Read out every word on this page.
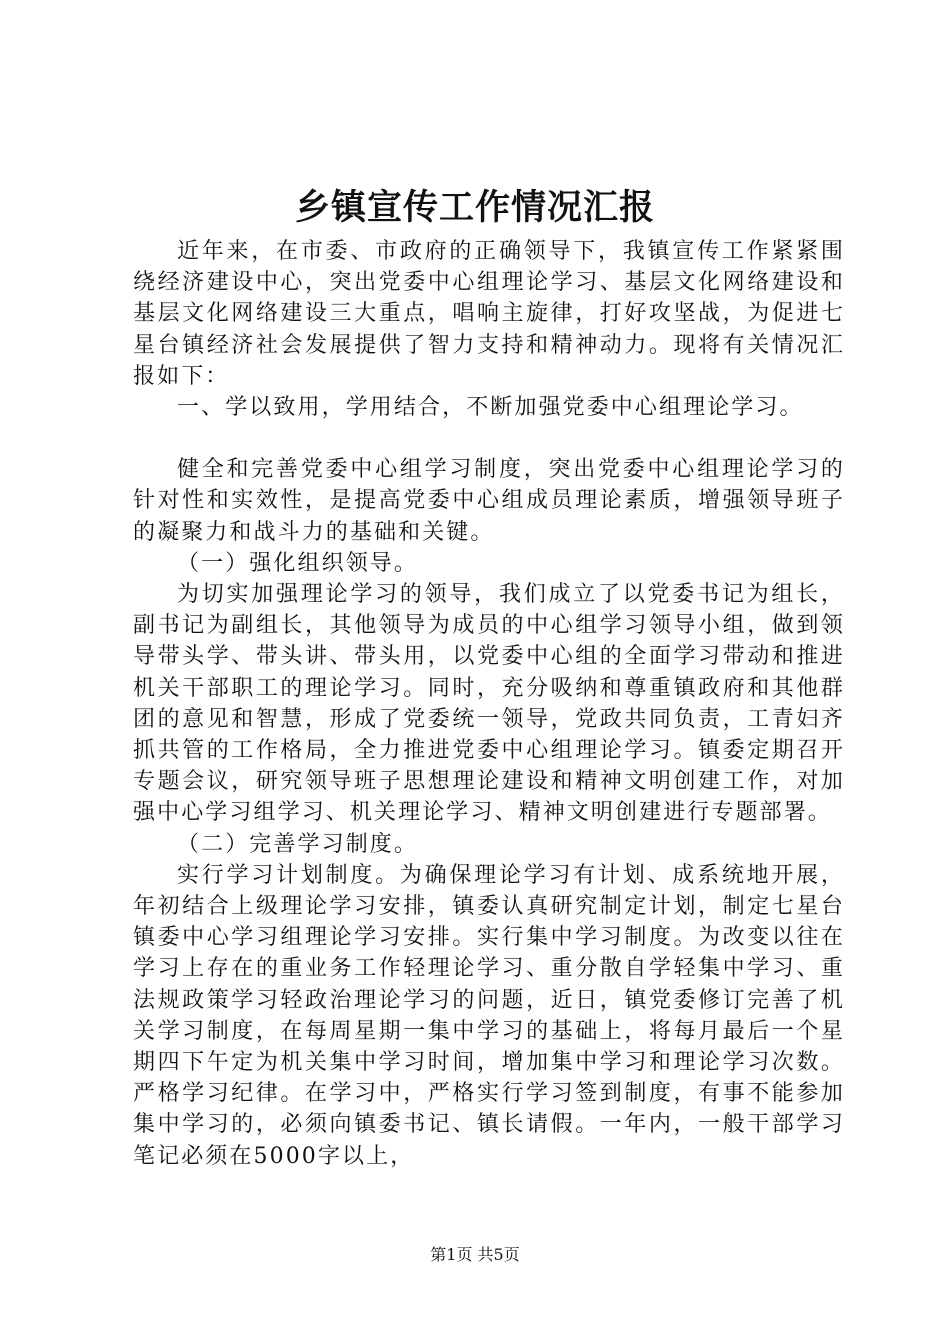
乡镇宣传工作情况汇报

近年来，在市委、市政府的正确领导下，我镇宣传工作紧紧围绕经济建设中心，突出党委中心组理论学习、基层文化网络建设和基层文化网络建设三大重点，唱响主旋律，打好攻坚战，为促进七星台镇经济社会发展提供了智力支持和精神动力。现将有关情况汇报如下：

一、学以致用，学用结合，不断加强党委中心组理论学习。

健全和完善党委中心组学习制度，突出党委中心组理论学习的针对性和实效性，是提高党委中心组成员理论素质，增强领导班子的凝聚力和战斗力的基础和关键。

（一）强化组织领导。

为切实加强理论学习的领导，我们成立了以党委书记为组长，副书记为副组长，其他领导为成员的中心组学习领导小组，做到领导带头学、带头讲、带头用，以党委中心组的全面学习带动和推进机关干部职工的理论学习。同时，充分吸纳和尊重镇政府和其他群团的意见和智慧，形成了党委统一领导，党政共同负责，工青妇齐抓共管的工作格局，全力推进党委中心组理论学习。镇委定期召开专题会议，研究领导班子思想理论建设和精神文明创建工作，对加强中心学习组学习、机关理论学习、精神文明创建进行专题部署。

（二）完善学习制度。

实行学习计划制度。为确保理论学习有计划、成系统地开展，年初结合上级理论学习安排，镇委认真研究制定计划，制定七星台镇委中心学习组理论学习安排。实行集中学习制度。为改变以往在学习上存在的重业务工作轻理论学习、重分散自学轻集中学习、重法规政策学习轻政治理论学习的问题，近日，镇党委修订完善了机关学习制度，在每周星期一集中学习的基础上，将每月最后一个星期四下午定为机关集中学习时间，增加集中学习和理论学习次数。严格学习纪律。在学习中，严格实行学习签到制度，有事不能参加集中学习的，必须向镇委书记、镇长请假。一年内，一般干部学习笔记必须在5000字以上，

第1页 共5页
